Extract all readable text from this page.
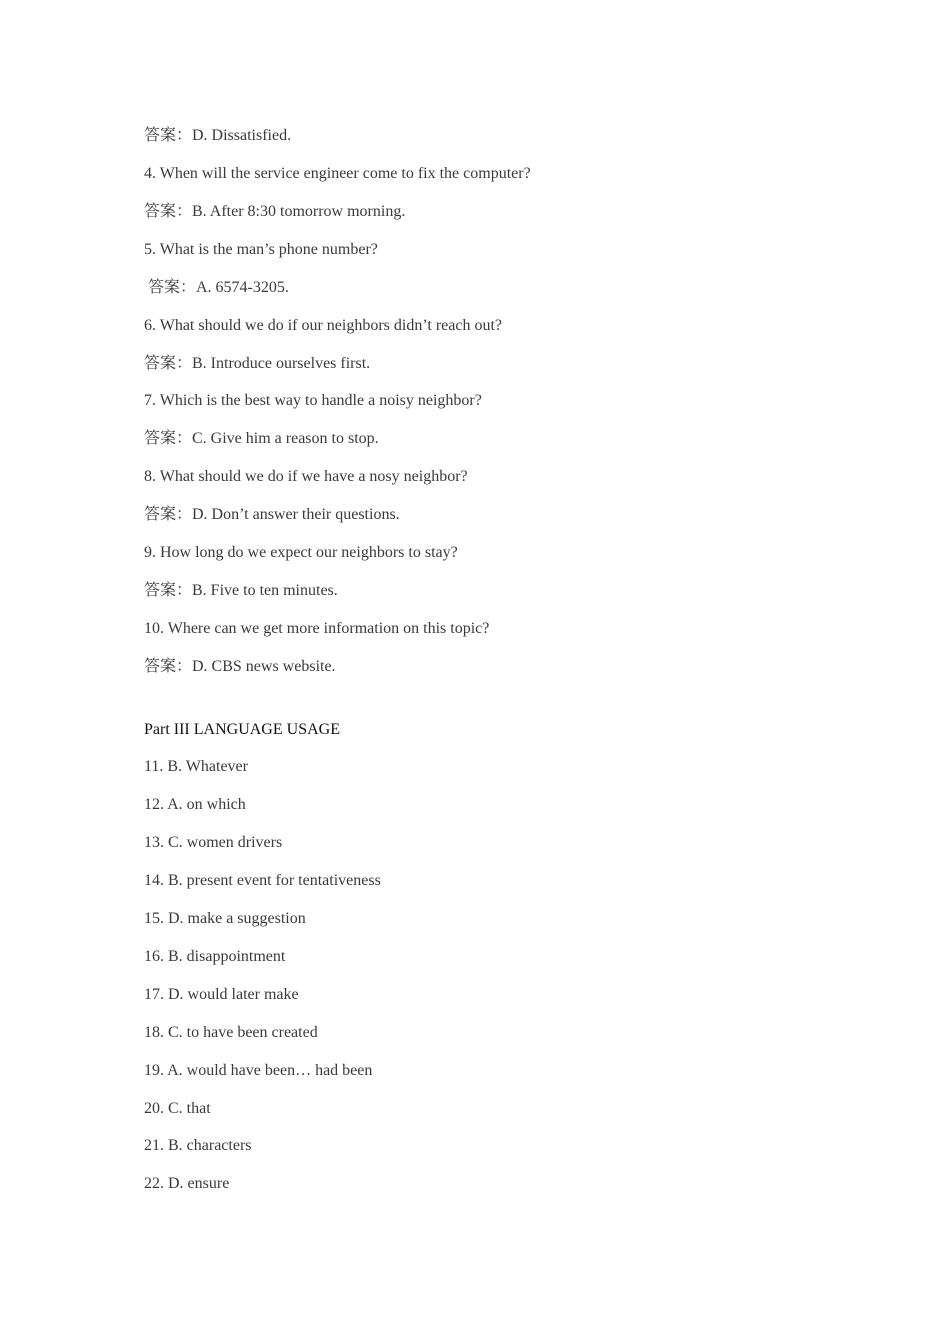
答案：D. Dissatisfied.
4. When will the service engineer come to fix the computer?
答案：B. After 8:30 tomorrow morning.
5. What is the man’s phone number?
答案：A. 6574-3205.
6. What should we do if our neighbors didn’t reach out?
答案：B. Introduce ourselves first.
7. Which is the best way to handle a noisy neighbor?
答案：C. Give him a reason to stop.
8. What should we do if we have a nosy neighbor?
答案：D. Don’t answer their questions.
9. How long do we expect our neighbors to stay?
答案：B. Five to ten minutes.
10. Where can we get more information on this topic?
答案：D. CBS news website.
Part III LANGUAGE USAGE
11. B. Whatever
12. A. on which
13. C. women drivers
14. B. present event for tentativeness
15. D. make a suggestion
16. B. disappointment
17. D. would later make
18. C. to have been created
19. A. would have been… had been
20. C. that
21. B. characters
22. D. ensure
